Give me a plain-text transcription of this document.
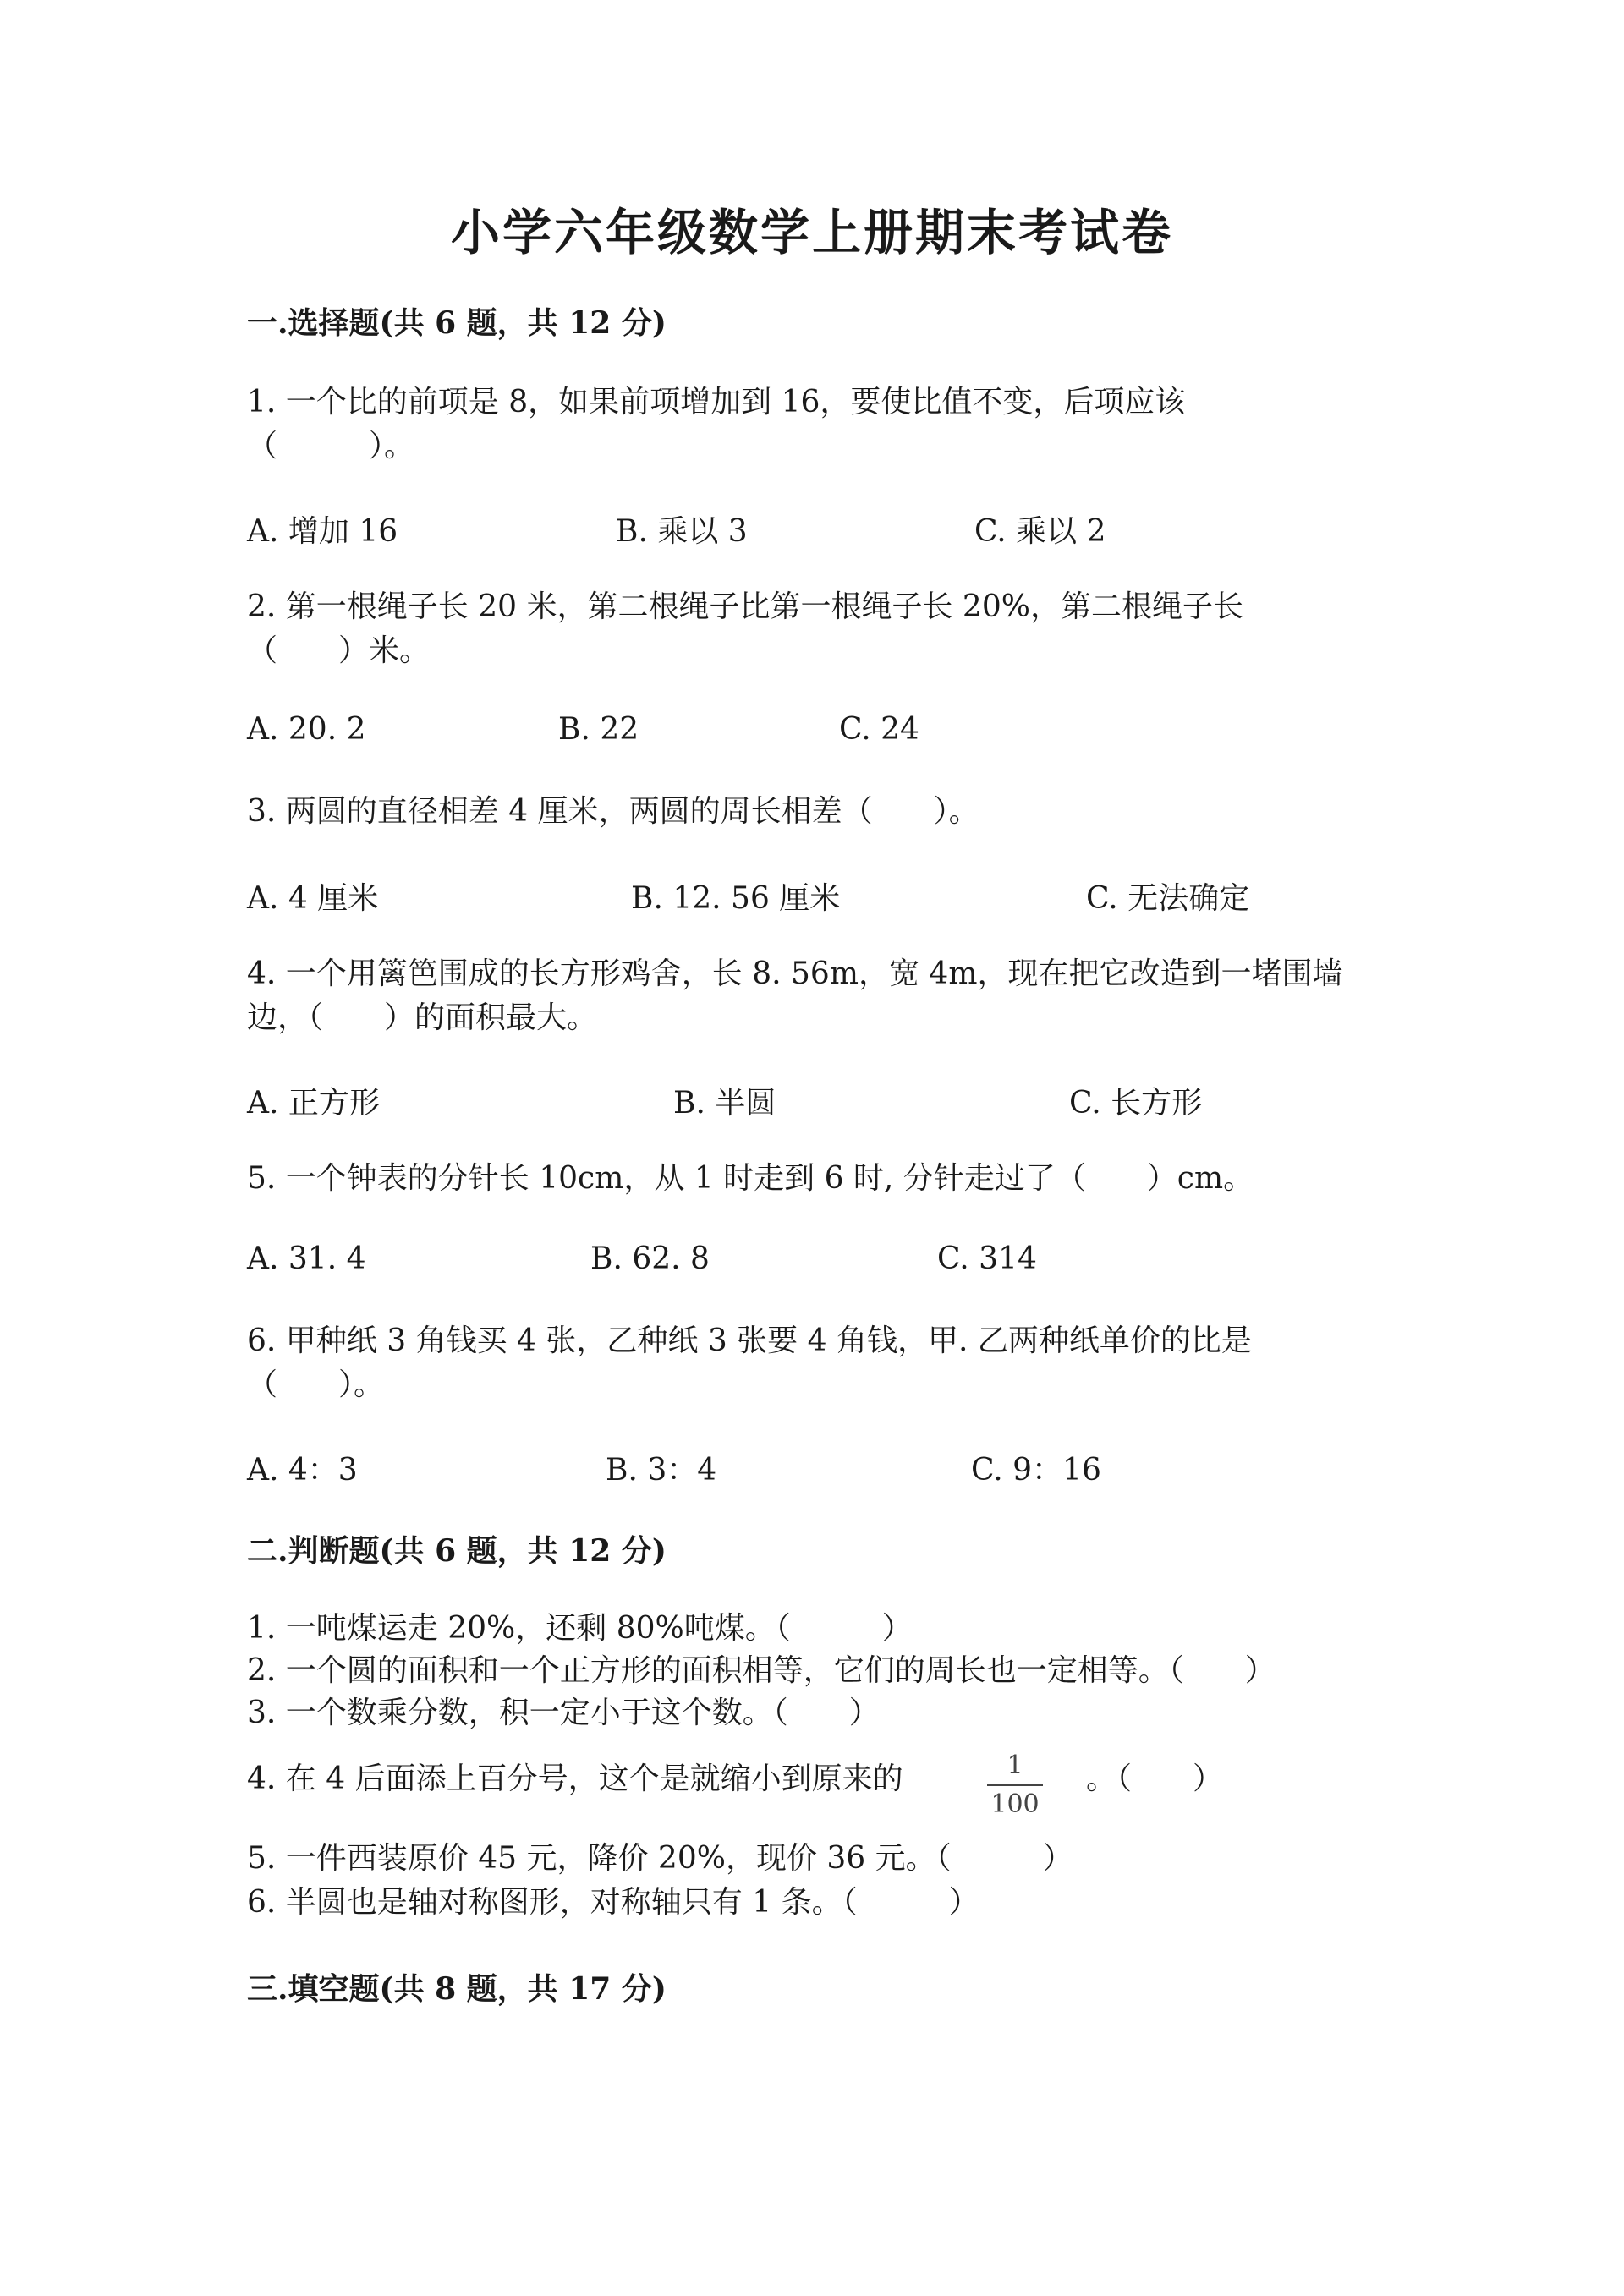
小学六年级数学上册期末考试卷
一.选择题(共 6 题，共 12 分)
1. 一个比的前项是 8，如果前项增加到 16，要使比值不变，后项应该
（　　　）。
A. 增加 16	B. 乘以 3	C. 乘以 2
2. 第一根绳子长 20 米，第二根绳子比第一根绳子长 20%，第二根绳子长
（　　）米。
A. 20. 2	B. 22	C. 24
3. 两圆的直径相差 4 厘米，两圆的周长相差（　　）。
A. 4 厘米	B. 12. 56 厘米	C. 无法确定
4. 一个用篱笆围成的长方形鸡舍，长 8. 56m，宽 4m，现在把它改造到一堵围墙
边，（　　）的面积最大。
A. 正方形	B. 半圆	C. 长方形
5. 一个钟表的分针长 10cm，从 1 时走到 6 时, 分针走过了（　　）cm。
A. 31. 4	B. 62. 8	C. 314
6. 甲种纸 3 角钱买 4 张，乙种纸 3 张要 4 角钱，甲. 乙两种纸单价的比是
（　　）。
A. 4：3	B. 3：4	C. 9：16
二.判断题(共 6 题，共 12 分)
1. 一吨煤运走 20%，还剩 80%吨煤。（　　　）
2. 一个圆的面积和一个正方形的面积相等，它们的周长也一定相等。（　　）
3. 一个数乘分数，积一定小于这个数。（　　）
4. 在 4 后面添上百分号，这个是就缩小到原来的	1
100
。（　　）
5. 一件西装原价 45 元，降价 20%，现价 36 元。（　　　）
6. 半圆也是轴对称图形，对称轴只有 1 条。（　　　）
三.填空题(共 8 题，共 17 分)
